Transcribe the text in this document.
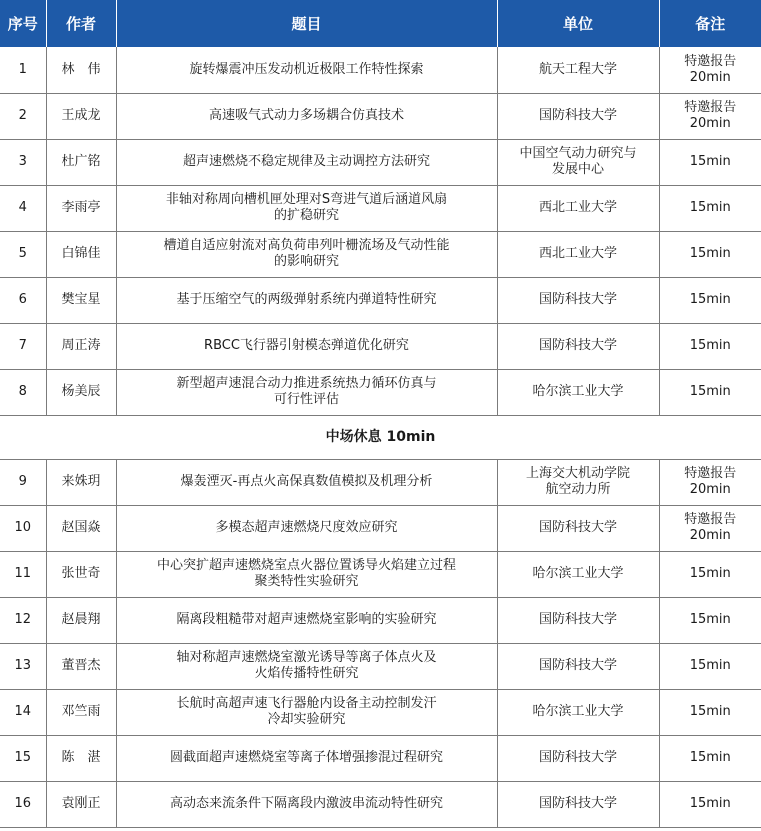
序号	作者	题目	单位	备注
1	林　伟	旋转爆震冲压发动机近极限工作特性探索	航天工程大学	特邀报告
20min
2	王成龙	高速吸气式动力多场耦合仿真技术	国防科技大学	特邀报告
20min
3	杜广铭	超声速燃烧不稳定规律及主动调控方法研究	中国空气动力研究与
发展中心	15min
4	李雨亭	非轴对称周向槽机匣处理对S弯进气道后涵道风扇
的扩稳研究	西北工业大学	15min
5	白锦佳	槽道自适应射流对高负荷串列叶栅流场及气动性能
的影响研究	西北工业大学	15min
6	樊宝星	基于压缩空气的两级弹射系统内弹道特性研究	国防科技大学	15min
7	周正涛	RBCC飞行器引射模态弹道优化研究	国防科技大学	15min
8	杨美辰	新型超声速混合动力推进系统热力循环仿真与
可行性评估	哈尔滨工业大学	15min
中场休息 10min				
9	来姝玥	爆轰湮灭-再点火高保真数值模拟及机理分析	上海交大机动学院
航空动力所	特邀报告
20min
10	赵国焱	多模态超声速燃烧尺度效应研究	国防科技大学	特邀报告
20min
11	张世奇	中心突扩超声速燃烧室点火器位置诱导火焰建立过程
聚类特性实验研究	哈尔滨工业大学	15min
12	赵晨翔	隔离段粗糙带对超声速燃烧室影响的实验研究	国防科技大学	15min
13	董晋杰	轴对称超声速燃烧室激光诱导等离子体点火及
火焰传播特性研究	国防科技大学	15min
14	邓竺雨	长航时高超声速飞行器舱内设备主动控制发汗
冷却实验研究	哈尔滨工业大学	15min
15	陈　湛	圆截面超声速燃烧室等离子体增强掺混过程研究	国防科技大学	15min
16	袁刚正	高动态来流条件下隔离段内激波串流动特性研究	国防科技大学	15min
